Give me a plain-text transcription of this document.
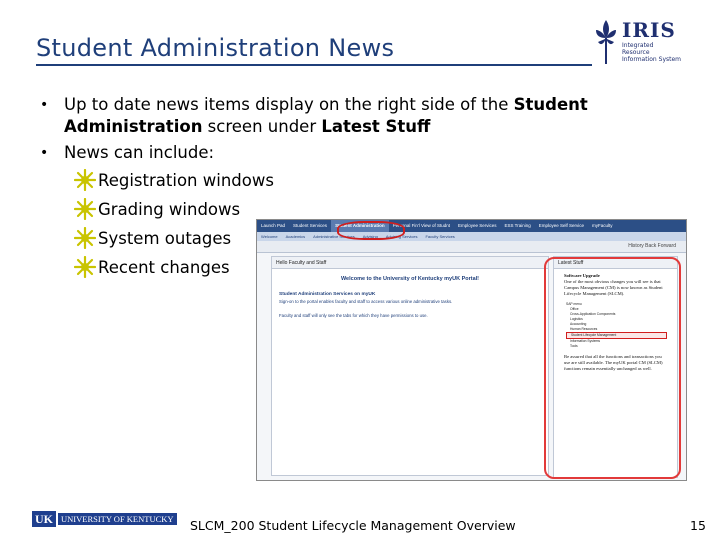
Student Administration News
IRIS
Integrated Resource Information System
• Up to date news items display on the right side of the Student Administration screen under Latest Stuff
• News can include:
Registration windows
Grading windows
System outages
Recent changes
Launch Pad	Student Services	Student Administration	Personal Fin'l View of Studnt	Employee Services	ESS Training	Employee Self Service	myFaculty
Welcome	Academics	Administrative Services	Advising	Advising Services	Faculty Services
History Back Forward
Hello Faculty and Staff
Welcome to the University of Kentucky myUK Portal!
Student Administration Services on myUK
Sign-on to the portal enables faculty and staff to access various online administrative tasks.
Faculty and staff will only see the tabs for which they have permissions to use.
Latest Stuff
Software Upgrade
One of the most obvious changes you will see is that Campus Management (CM) is now known as Student Lifecycle Management (SLCM).
SAP menu
Office
Cross-Application Components
Logistics
Accounting
Human Resources
Student Lifecycle Management
Information Systems
Tools
Be assured that all the functions and transactions you use are still available. The myUK portal CM (SLCM) functions remain essentially unchanged as well.
UK UNIVERSITY OF KENTUCKY SLCM_200 Student Lifecycle Management Overview	15
